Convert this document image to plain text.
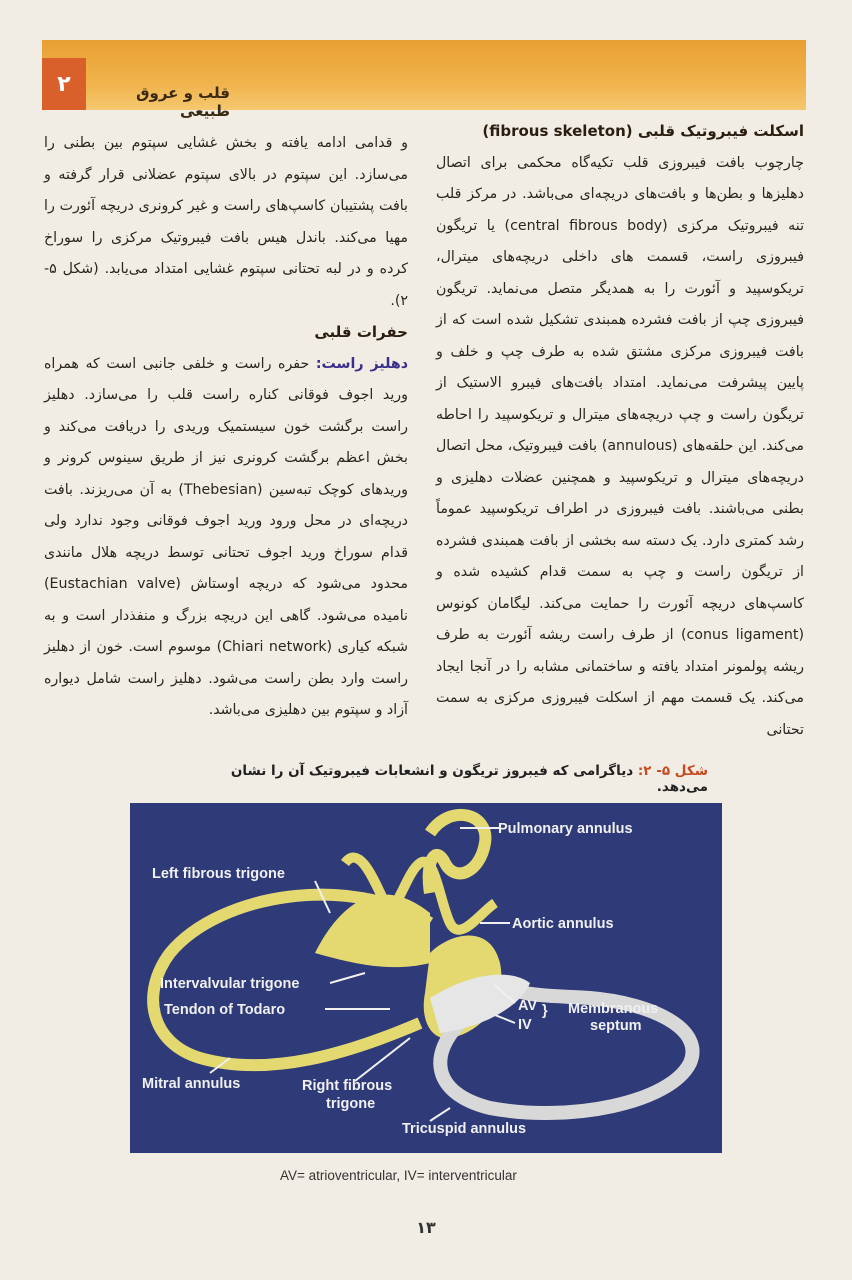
۲	قلب و عروق طبیعی

اسکلت فیبروتیک قلبی (fibrous skeleton)

چارچوب بافت فیبروزی قلب تکیه‌گاه محکمی برای اتصال دهلیزها و بطن‌ها و بافت‌های دریچه‌ای می‌باشد. در مرکز قلب تنه فیبروتیک مرکزی (central fibrous body) یا تریگون فیبروزی راست، قسمت های داخلی دریچه‌های میترال، تریکوسپید و آئورت را به همدیگر متصل می‌نماید. تریگون فیبروزی چپ از بافت فشرده همبندی تشکیل شده است که از بافت فیبروزی مرکزی مشتق شده به طرف چپ و خلف و پایین پیشرفت می‌نماید. امتداد بافت‌های فیبرو الاستیک از تریگون راست و چپ دریچه‌های میترال و تریکوسپید را احاطه می‌کند. این حلقه‌های (annulous) بافت فیبروتیک، محل اتصال دریچه‌های میترال و تریکوسپید و همچنین عضلات دهلیزی و بطنی می‌باشند. بافت فیبروزی در اطراف تریکوسپید عموماً رشد کمتری دارد. یک دسته سه بخشی از بافت همبندی فشرده از تریگون راست و چپ به سمت قدام کشیده شده و کاسپ‌های دریچه آئورت را حمایت می‌کند. لیگامان کونوس (conus ligament) از طرف راست ریشه آئورت به طرف ریشه پولمونر امتداد یافته و ساختمانی مشابه را در آنجا ایجاد می‌کند. یک قسمت مهم از اسکلت فیبروزی مرکزی به سمت تحتانی

و قدامی ادامه یافته و بخش غشایی سپتوم بین بطنی را می‌سازد. این سپتوم در بالای سپتوم عضلانی قرار گرفته و بافت پشتیبان کاسپ‌های راست و غیر کرونری دریچه آئورت را مهیا می‌کند. باندل هیس بافت فیبروتیک مرکزی را سوراخ کرده و در لبه تحتانی سپتوم غشایی امتداد می‌یابد. (شکل ۵- ۲).

حفرات قلبی

دهلیز راست: حفره راست و خلفی جانبی است که همراه ورید اجوف فوقانی کناره راست قلب را می‌سازد. دهلیز راست برگشت خون سیستمیک وریدی را دریافت می‌کند و بخش اعظم برگشت کرونری نیز از طریق سینوس کرونر و وریدهای کوچک تبه‌سین (Thebesian) به آن می‌ریزند. بافت دریچه‌ای در محل ورود ورید اجوف فوقانی وجود ندارد ولی قدام سوراخ ورید اجوف تحتانی توسط دریچه هلال مانندی محدود می‌شود که دریچه اوستاش (Eustachian valve) نامیده می‌شود. گاهی این دریچه بزرگ و منفذدار است و به شبکه کیاری (Chiari network) موسوم است. خون از دهلیز راست وارد بطن راست می‌شود. دهلیز راست شامل دیواره آزاد و سپتوم بین دهلیزی می‌باشد.

شکل ۵- ۲: دیاگرامی که فیبروز تریگون و انشعابات فیبروتیک آن را نشان می‌دهد.
Pulmonary annulus
Left fibrous trigone
Aortic annulus
Intervalvular trigone
Tendon of Todaro	AV
IV
} Membranous
septum
Mitral annulus	Right fibrous
trigone
Tricuspid annulus
AV= atrioventricular, IV= interventricular
۱۳
